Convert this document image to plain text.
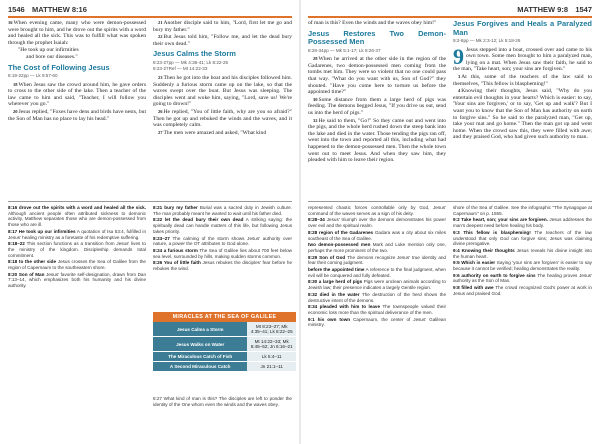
1546 MATTHEW 8:16

$^{16}$When evening came, many who were demon-possessed were brought to him, and he drove out the spirits with a word and healed all the sick. This was to fulfill what was spoken through the prophet Isaiah:

"He took up our infirmities

and bore our diseases."

The Cost of Following Jesus
8:19-22pp — Lk 9:57-60

$^{18}$When Jesus saw the crowd around him, he gave orders to cross to the other side of the lake. Then a teacher of the law came to him and said, "Teacher, I will follow you wherever you go."

$^{20}$Jesus replied, "Foxes have dens and birds have nests, but the Son of Man has no place to lay his head."

$^{21}$Another disciple said to him, "Lord, first let me go and bury my father."

$^{22}$But Jesus told him, "Follow me, and let the dead bury their own dead."

Jesus Calms the Storm
8:23-27pp — Mk 4:36-41; Lk 8:22-25
8:23-27Ref — Mt 14:22-33

$^{23}$Then he got into the boat and his disciples followed him. Suddenly a furious storm came up on the lake, so that the waves swept over the boat. But Jesus was sleeping. The disciples went and woke him, saying, "Lord, save us! We're going to drown!"

$^{26}$He replied, "You of little faith, why are you so afraid?" Then he got up and rebuked the winds and the waves, and it was completely calm.

$^{27}$The men were amazed and asked, "What kind

8:16 drove out the spirits with a word and healed all the sick. Although ancient people often attributed sickness to demonic activity, Matthew separates those who are demon-possessed from those who are ill.

8:17 He took up our infirmities A quotation of Isa 53:4, fulfilled in Jesus' healing ministry as a foretaste of his redemptive suffering.

8:18–22 This section functions as a transition from Jesus' lives to the ministry of the kingdom. Discipleship demands total commitment.

8:18 to the other side Jesus crosses the Sea of Galilee from the region of Capernaum to the southeastern shore.

8:20 Son of Man Jesus' favorite self-designation, drawn from Dan 7:13–14, which emphasizes both his humanity and his divine authority.

8:21 bury my father Burial was a sacred duty in Jewish culture. The man probably meant he wanted to wait until his father died.

8:22 let the dead bury their own dead A striking saying: the spiritually dead can handle matters of this life, but following Jesus takes priority.

8:23–27 The calming of the storm shows Jesus' authority over nature, a power the OT attributes to God alone.

8:24 a furious storm The Sea of Galilee lies about 700 feet below sea level, surrounded by hills, making sudden storms common.

8:26 You of little faith Jesus rebukes the disciples' fear before he rebukes the wind.

MIRACLES AT THE SEA OF GALILEE
Jesus Calms a Storm	Mt 8:23–27; Mk 4:35–41; Lk 8:22–25
Jesus Walks on Water	Mt 14:22–33; Mk 6:45–52; Jn 6:16–21
The Miraculous Catch of Fish	Lk 5:4–11
A Second Miraculous Catch	Jn 21:1–11

8:27 What kind of man is this? The disciples are left to ponder the identity of the One whom even the winds and the waves obey.

MATTHEW 9:8 1547

of man is this? Even the winds and the waves obey him!"

Jesus Restores Two Demon-Possessed Men
8:28-34pp — Mk 5:1-17; Lk 8:26-37

$^{28}$When he arrived at the other side in the region of the Gadarenes, two demon-possessed men coming from the tombs met him. They were so violent that no one could pass that way. "What do you want with us, Son of God?" they shouted. "Have you come here to torture us before the appointed time?"

$^{30}$Some distance from them a large herd of pigs was feeding. The demons begged Jesus, "If you drive us out, send us into the herd of pigs."

$^{32}$He said to them, "Go!" So they came out and went into the pigs, and the whole herd rushed down the steep bank into the lake and died in the water. Those tending the pigs ran off, went into the town and reported all this, including what had happened to the demon-possessed men. Then the whole town went out to meet Jesus. And when they saw him, they pleaded with him to leave their region.

Jesus Forgives and Heals a Paralyzed Man
9:2-8pp — Mk 2:3-12; Lk 5:18-26

9 Jesus stepped into a boat, crossed over and came to his own town. Some men brought to him a paralyzed man, lying on a mat. When Jesus saw their faith, he said to the man, "Take heart, son; your sins are forgiven."

$^3$At this, some of the teachers of the law said to themselves, "This fellow is blaspheming!"

$^4$Knowing their thoughts, Jesus said, "Why do you entertain evil thoughts in your hearts? Which is easier: to say, 'Your sins are forgiven,' or to say, 'Get up and walk'? But I want you to know that the Son of Man has authority on earth to forgive sins." So he said to the paralyzed man, "Get up, take your mat and go home." Then the man got up and went home. When the crowd saw this, they were filled with awe; and they praised God, who had given such authority to man.

represented chaotic forces controllable only by God, Jesus' command of the waves serves as a sign of his deity.

8:28–34 Jesus' triumph over the demons demonstrates his power over evil and the spiritual realm.

8:28 region of the Gadarenes Gadara was a city about six miles southeast of the Sea of Galilee.

two demon-possessed men Mark and Luke mention only one, perhaps the more prominent of the two.

8:29 Son of God The demons recognize Jesus' true identity and fear their coming judgment.

before the appointed time A reference to the final judgment, when evil will be conquered and fully defeated.

8:30 a large herd of pigs Pigs were unclean animals according to Jewish law; their presence indicates a largely Gentile region.

8:32 died in the water The destruction of the herd shows the destructive intent of the demons.

8:34 pleaded with him to leave The townspeople valued their economic loss more than the spiritual deliverance of the men.

9:1 his own town Capernaum, the center of Jesus' Galilean ministry.

shore of the Sea of Galilee. See the infographic "The Synagogue at Capernaum" on p. 1555.

9:2 Take heart, son; your sins are forgiven. Jesus addresses the man's deepest need before healing his body.

9:3 This fellow is blaspheming! The teachers of the law understood that only God can forgive sins; Jesus was claiming divine prerogative.

9:4 Knowing their thoughts Jesus reveals his divine insight into the human heart.

9:5 Which is easier Saying 'your sins are forgiven' is easier to say because it cannot be verified; healing demonstrates the reality.

9:6 authority on earth to forgive sins The healing proves Jesus' authority as the Son of Man.

9:8 filled with awe The crowd recognized God's power at work in Jesus and praised God.
